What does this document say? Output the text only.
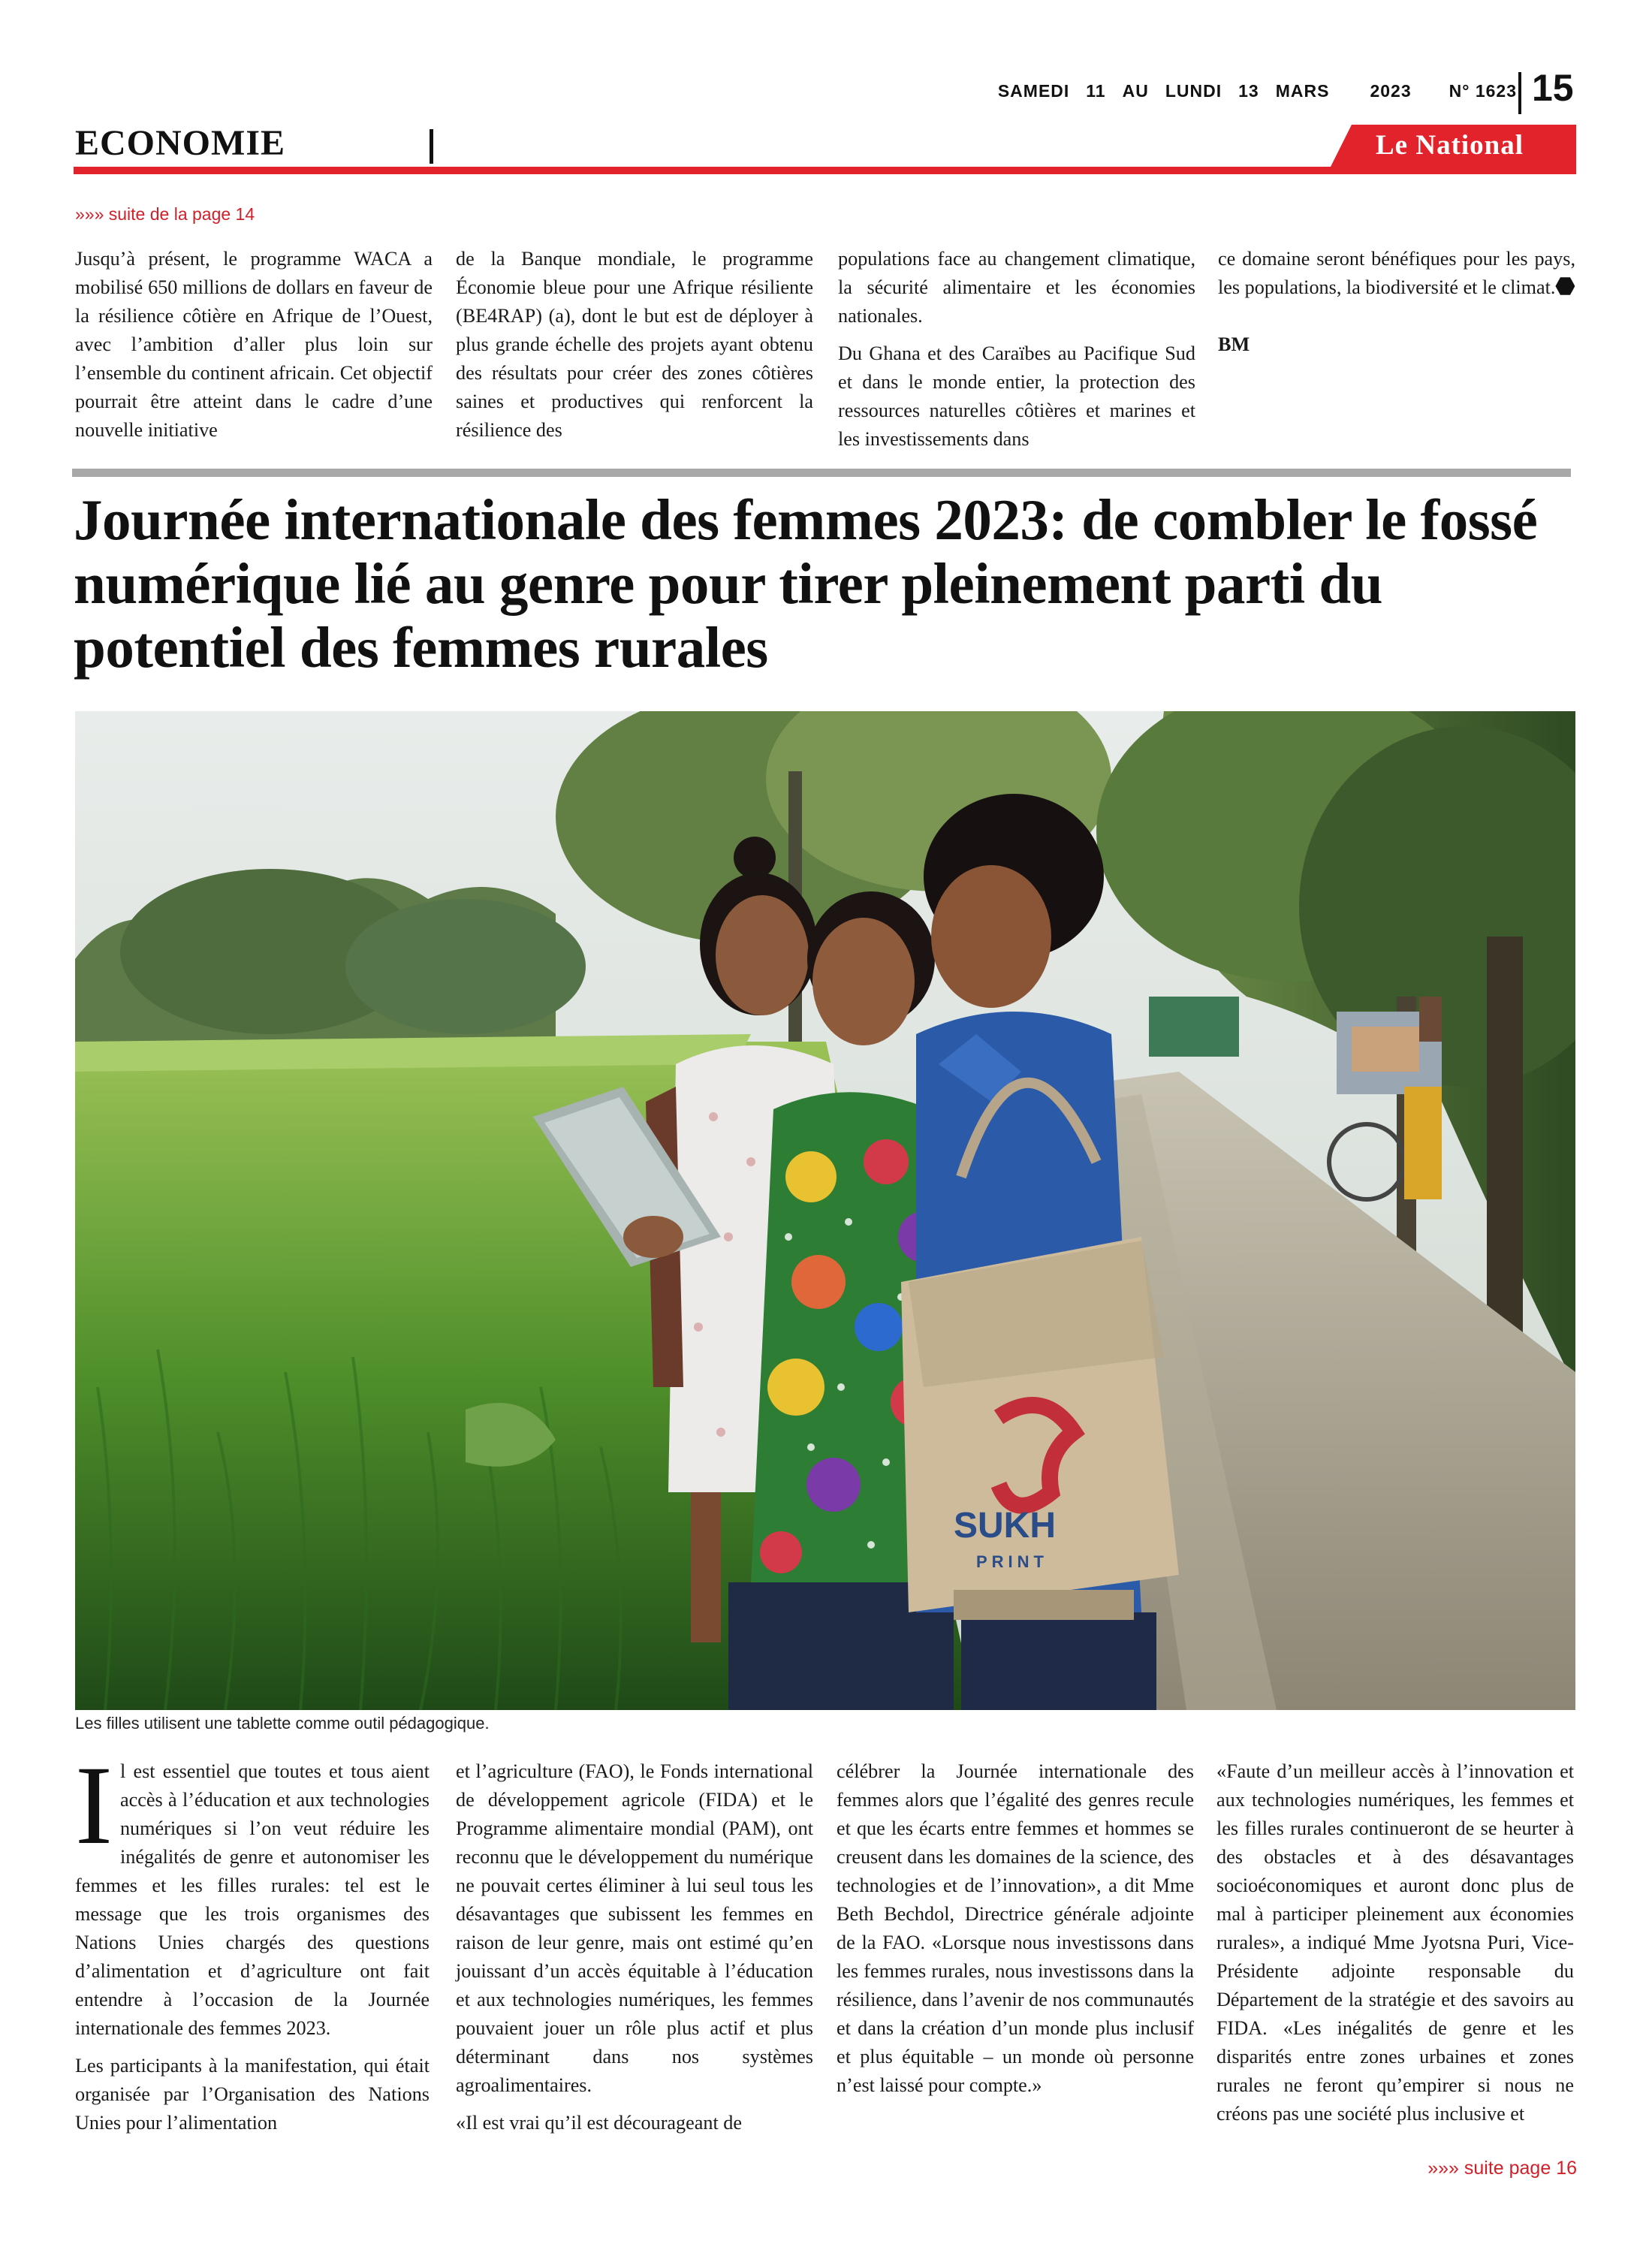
SAMEDI 11 AU LUNDI 13 MARS 2023 N° 1623 15
ECONOMIE	Le National
»»» suite de la page 14

Jusqu’à présent, le programme WACA a mobilisé 650 millions de dollars en faveur de la résilience côtière en Afrique de l’Ouest, avec l’ambition d’aller plus loin sur l’ensemble du continent africain. Cet objectif pourrait être atteint dans le cadre d’une nouvelle initiative

de la Banque mondiale, le programme Économie bleue pour une Afrique résiliente (BE4RAP) (a), dont le but est de déployer à plus grande échelle des projets ayant obtenu des résultats pour créer des zones côtières saines et productives qui renforcent la résilience des

populations face au changement climatique, la sécurité alimentaire et les économies nationales.

Du Ghana et des Caraïbes au Pacifique Sud et dans le monde entier, la protection des ressources naturelles côtières et marines et les investissements dans

ce domaine seront bénéfiques pour les pays, les populations, la biodiversité et le climat.

BM

Journée internationale des femmes 2023: de combler le fossé numérique lié au genre pour tirer pleinement parti du potentiel des femmes rurales
SUKH
PRINT
Les filles utilisent une tablette comme outil pédagogique.

Il est essentiel que toutes et tous aient accès à l’éducation et aux technologies numériques si l’on veut réduire les inégalités de genre et autonomiser les femmes et les filles rurales: tel est le message que les trois organismes des Nations Unies chargés des questions d’alimentation et d’agriculture ont fait entendre à l’occasion de la Journée internationale des femmes 2023.

Les participants à la manifestation, qui était organisée par l’Organisation des Nations Unies pour l’alimentation

et l’agriculture (FAO), le Fonds international de développement agricole (FIDA) et le Programme alimentaire mondial (PAM), ont reconnu que le développement du numérique ne pouvait certes éliminer à lui seul tous les désavantages que subissent les femmes en raison de leur genre, mais ont estimé qu’en jouissant d’un accès équitable à l’éducation et aux technologies numériques, les femmes pouvaient jouer un rôle plus actif et plus déterminant dans nos systèmes agroalimentaires.

«Il est vrai qu’il est décourageant de

célébrer la Journée internationale des femmes alors que l’égalité des genres recule et que les écarts entre femmes et hommes se creusent dans les domaines de la science, des technologies et de l’innovation», a dit Mme Beth Bechdol, Directrice générale adjointe de la FAO. «Lorsque nous investissons dans les femmes rurales, nous investissons dans la résilience, dans l’avenir de nos communautés et dans la création d’un monde plus inclusif et plus équitable – un monde où personne n’est laissé pour compte.»

«Faute d’un meilleur accès à l’innovation et aux technologies numériques, les femmes et les filles rurales continueront de se heurter à des obstacles et à des désavantages socioéconomiques et auront donc plus de mal à participer pleinement aux économies rurales», a indiqué Mme Jyotsna Puri, Vice-Présidente adjointe responsable du Département de la stratégie et des savoirs au FIDA. «Les inégalités de genre et les disparités entre zones urbaines et zones rurales ne feront qu’empirer si nous ne créons pas une société plus inclusive et

»»» suite page 16
